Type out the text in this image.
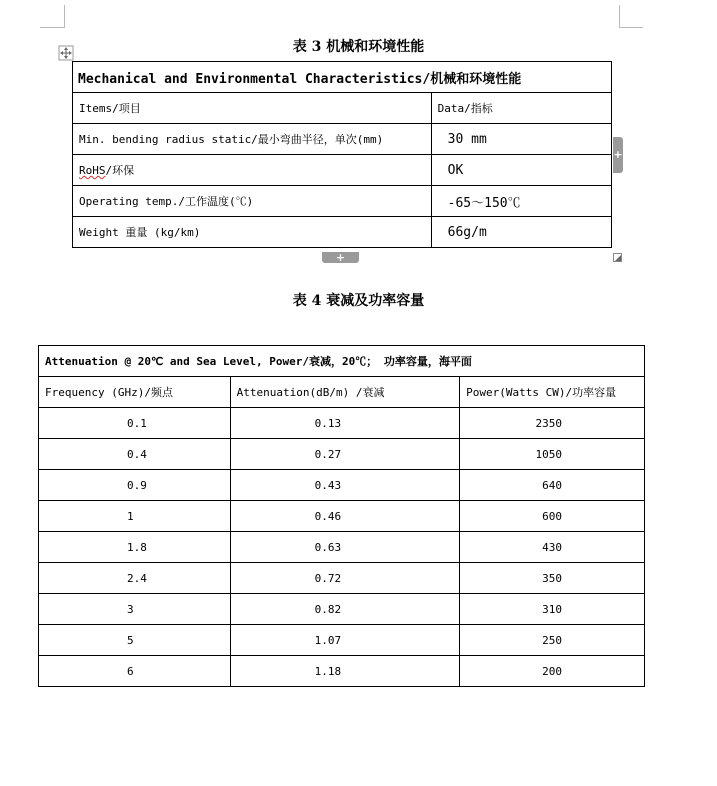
表 3 机械和环境性能
Mechanical and Environmental Characteristics/机械和环境性能	
Items/项目	Data/指标
Min. bending radius static/最小弯曲半径，单次(mm)	30 mm
RoHS/环保	OK
Operating temp./工作温度(℃)	-65～150℃
Weight 重量 (kg/km)	66g/m
+
+
表 4 衰减及功率容量
Attenuation @ 20℃ and Sea Level, Power/衰减，20℃； 功率容量，海平面		
Frequency (GHz)/频点	Attenuation(dB/m) /衰减	Power(Watts CW)/功率容量
0.1	0.13	2350
0.4	0.27	1050
0.9	0.43	640
1	0.46	600
1.8	0.63	430
2.4	0.72	350
3	0.82	310
5	1.07	250
6	1.18	200
